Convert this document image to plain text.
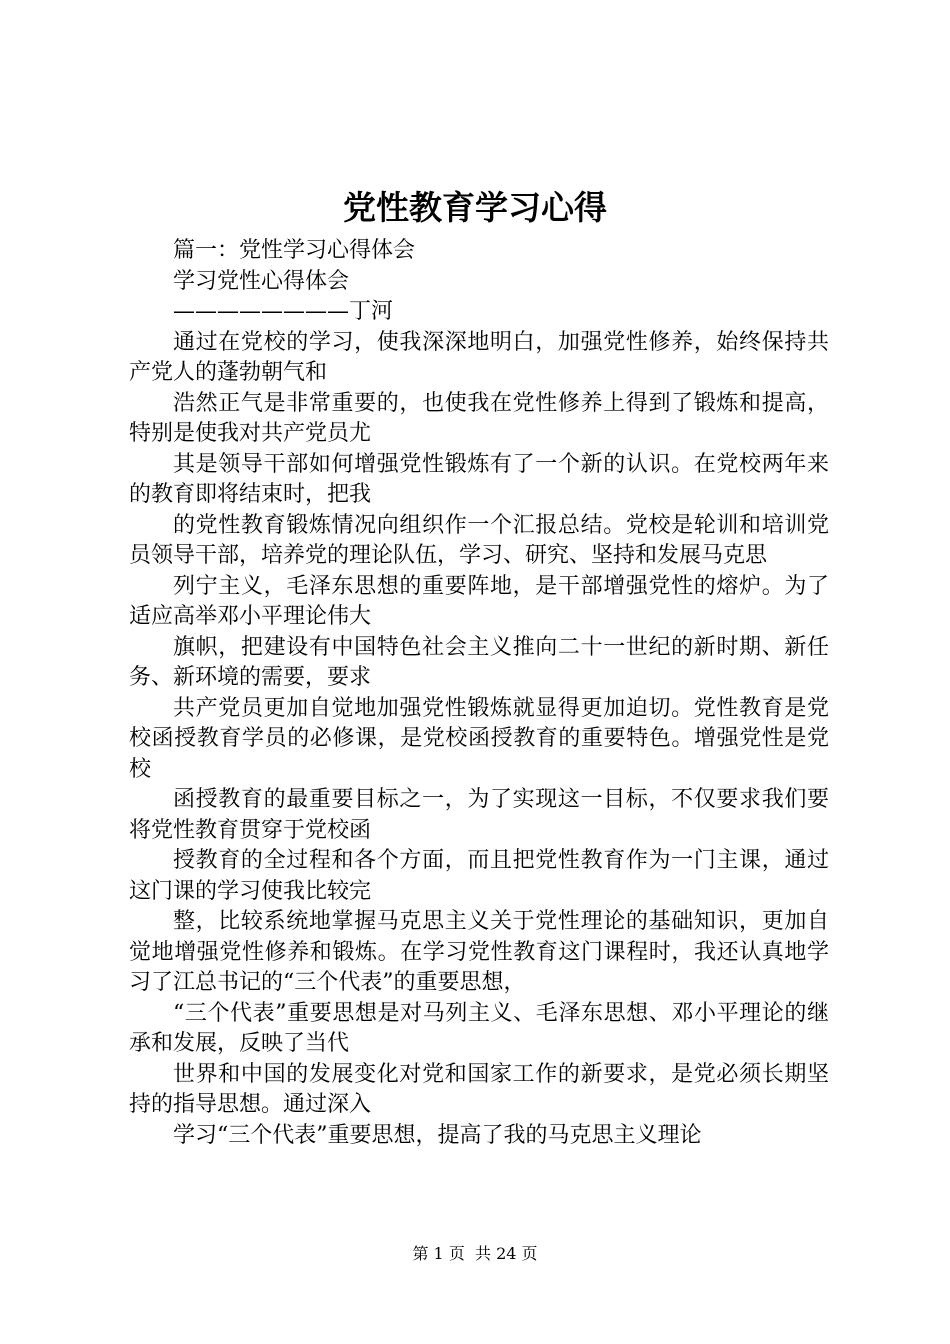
党性教育学习心得

篇一：党性学习心得体会

学习党性心得体会

————————丁河

通过在党校的学习，使我深深地明白，加强党性修养，始终保持共产党人的蓬勃朝气和

浩然正气是非常重要的，也使我在党性修养上得到了锻炼和提高，特别是使我对共产党员尤

其是领导干部如何增强党性锻炼有了一个新的认识。在党校两年来的教育即将结束时，把我

的党性教育锻炼情况向组织作一个汇报总结。党校是轮训和培训党员领导干部，培养党的理论队伍，学习、研究、坚持和发展马克思

列宁主义，毛泽东思想的重要阵地，是干部增强党性的熔炉。为了适应高举邓小平理论伟大

旗帜，把建设有中国特色社会主义推向二十一世纪的新时期、新任务、新环境的需要，要求

共产党员更加自觉地加强党性锻炼就显得更加迫切。党性教育是党校函授教育学员的必修课，是党校函授教育的重要特色。增强党性是党校

函授教育的最重要目标之一，为了实现这一目标，不仅要求我们要将党性教育贯穿于党校函

授教育的全过程和各个方面，而且把党性教育作为一门主课，通过这门课的学习使我比较完

整，比较系统地掌握马克思主义关于党性理论的基础知识，更加自觉地增强党性修养和锻炼。在学习党性教育这门课程时，我还认真地学习了江总书记的“三个代表”的重要思想，

“三个代表”重要思想是对马列主义、毛泽东思想、邓小平理论的继承和发展，反映了当代

世界和中国的发展变化对党和国家工作的新要求，是党必须长期坚持的指导思想。通过深入

学习“三个代表”重要思想，提高了我的马克思主义理论

第 1 页  共 24 页
